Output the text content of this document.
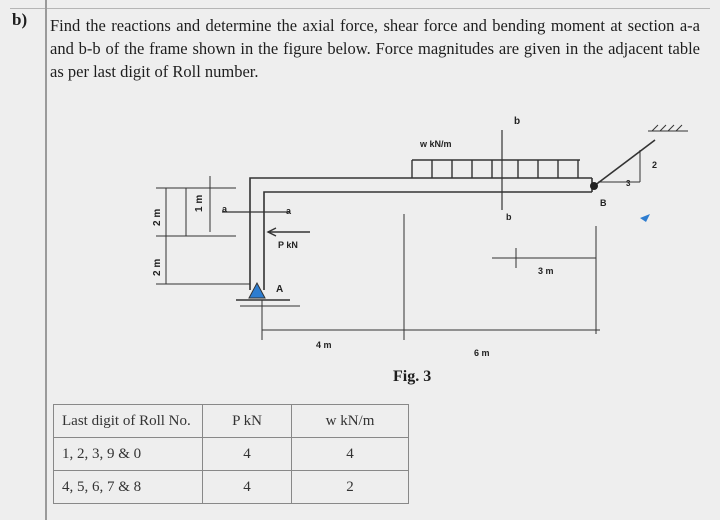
b) Find the reactions and determine the axial force, shear force and bending moment at section a-a and b-b of the frame shown in the figure below. Force magnitudes are given in the adjacent table as per last digit of Roll number.
w kN/m
P kN
A
B
a	a
b
b
1 m
2 m
2 m
4 m
6 m
3 m
2
3
Fig. 3
Last digit of Roll No.	P kN	w kN/m
1, 2, 3, 9 & 0	4	4
4, 5, 6, 7 & 8	4	2
